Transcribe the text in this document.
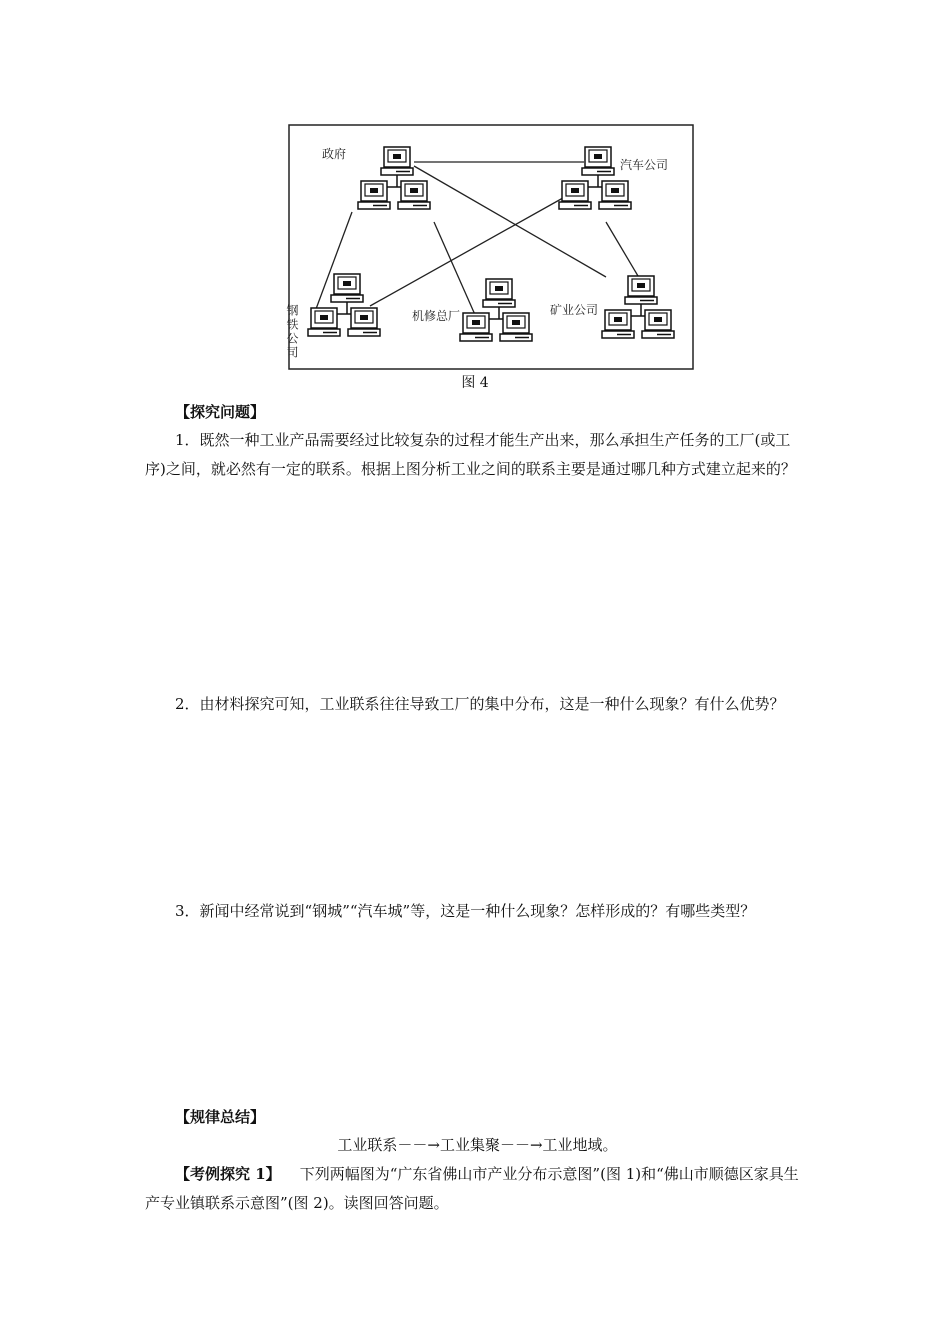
政府
汽车公司
钢铁公司	机修总厂	矿业公司
图 4
【探究问题】
1．既然一种工业产品需要经过比较复杂的过程才能生产出来，那么承担生产任务的工厂(或工序)之间，就必然有一定的联系。根据上图分析工业之间的联系主要是通过哪几种方式建立起来的？
2．由材料探究可知，工业联系往往导致工厂的集中分布，这是一种什么现象？有什么优势？
3．新闻中经常说到“钢城”“汽车城”等，这是一种什么现象？怎样形成的？有哪些类型？
【规律总结】
工业联系－－→工业集聚－－→工业地域。
【考例探究 1】 下列两幅图为“广东省佛山市产业分布示意图”(图 1)和“佛山市顺德区家具生产专业镇联系示意图”(图 2)。读图回答问题。
